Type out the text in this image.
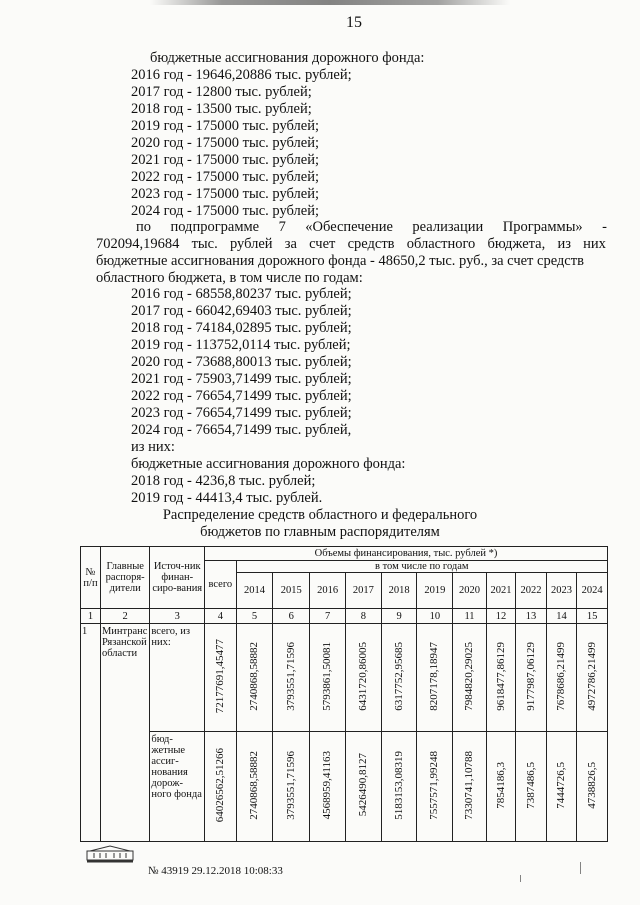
15
бюджетные ассигнования дорожного фонда:
2016 год - 19646,20886 тыс. рублей;
2017 год - 12800 тыс. рублей;
2018 год - 13500 тыс. рублей;
2019 год - 175000 тыс. рублей;
2020 год - 175000 тыс. рублей;
2021 год - 175000 тыс. рублей;
2022 год - 175000 тыс. рублей;
2023 год - 175000 тыс. рублей;
2024 год - 175000 тыс. рублей;
по подпрограмме 7 «Обеспечение реализации Программы» -
702094,19684 тыс. рублей за счет средств областного бюджета, из них
бюджетные ассигнования дорожного фонда - 48650,2 тыс. руб., за счет средств
областного бюджета, в том числе по годам:
2016 год - 68558,80237 тыс. рублей;
2017 год - 66042,69403 тыс. рублей;
2018 год - 74184,02895 тыс. рублей;
2019 год - 113752,0114 тыс. рублей;
2020 год - 73688,80013 тыс. рублей;
2021 год - 75903,71499 тыс. рублей;
2022 год - 76654,71499 тыс. рублей;
2023 год - 76654,71499 тыс. рублей;
2024 год - 76654,71499 тыс. рублей,
из них:
бюджетные ассигнования дорожного фонда:
2018 год - 4236,8 тыс. рублей;
2019 год - 44413,4 тыс. рублей.
Распределение средств областного и федерального
бюджетов по главным распорядителям
№ п/п	Главные распоря-дители	Источ-ник финан-сиро-вания	Объемы финансирования, тыс. рублей *)											
			всего	в том числе по годам										
				2014	2015	2016	2017	2018	2019	2020	2021	2022	2023	2024
1	2	3	4	5	6	7	8	9	10	11	12	13	14	15
1	Минтранс Рязанской области	всего, из них:	72177691,45477	2740868,58882	3793551,71596	5793861,50081	6431720,86005	6317752,95685	8207178,18947	7984820,29025	9618477,86129	9177987,06129	7678686,21499	4972786,21499
		бюд-жетные ассиг-нования дорож-ного фонда	64026562,51266	2740868,58882	3793551,71596	4568959,41163	5426490,8127	5183153,08319	7557571,99248	7330741,10788	7854186,3	7387486,5	7444726,5	4738826,5
№ 43919 29.12.2018 10:08:33
